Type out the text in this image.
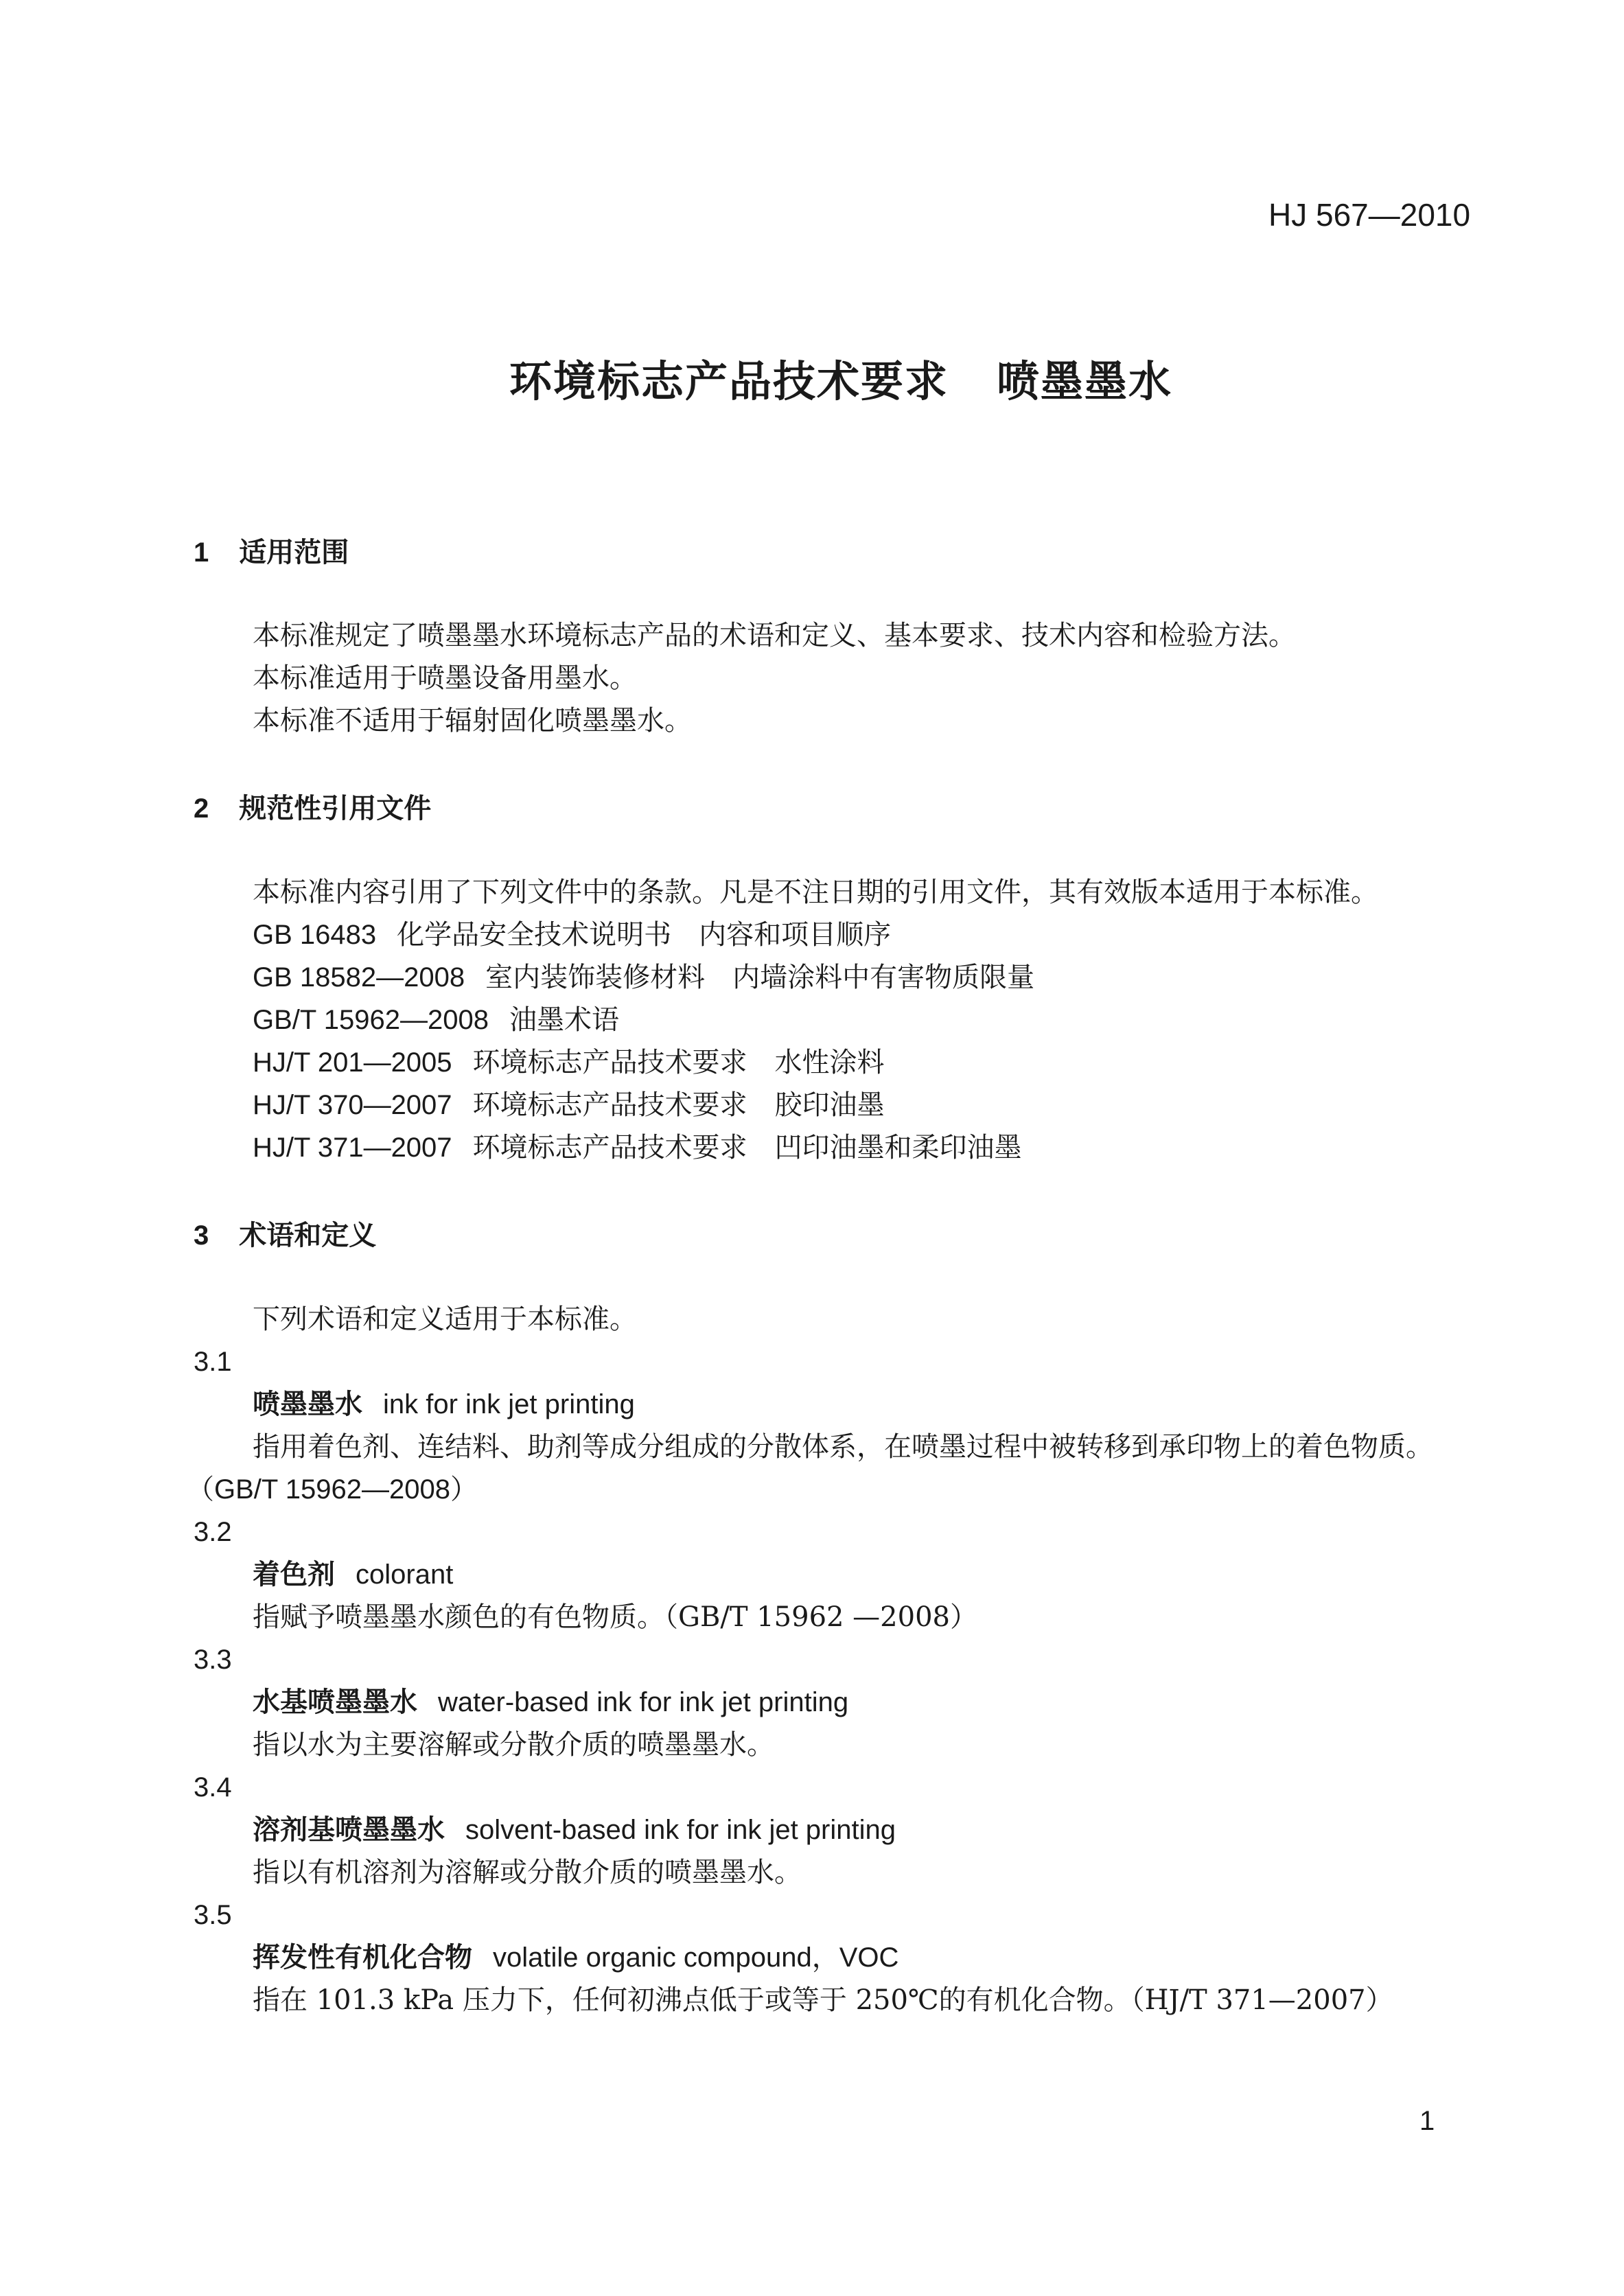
HJ 567—2010
环境标志产品技术要求 喷墨墨水
1 适用范围
本标准规定了喷墨墨水环境标志产品的术语和定义、基本要求、技术内容和检验方法。
本标准适用于喷墨设备用墨水。
本标准不适用于辐射固化喷墨墨水。
2 规范性引用文件
本标准内容引用了下列文件中的条款。凡是不注日期的引用文件，其有效版本适用于本标准。
GB 16483 化学品安全技术说明书　内容和项目顺序
GB 18582—2008 室内装饰装修材料　内墙涂料中有害物质限量
GB/T 15962—2008 油墨术语
HJ/T 201—2005 环境标志产品技术要求　水性涂料
HJ/T 370—2007 环境标志产品技术要求　胶印油墨
HJ/T 371—2007 环境标志产品技术要求　凹印油墨和柔印油墨
3 术语和定义
下列术语和定义适用于本标准。
3.1
喷墨墨水 ink for ink jet printing
指用着色剂、连结料、助剂等成分组成的分散体系，在喷墨过程中被转移到承印物上的着色物质。
（GB/T 15962—2008）
3.2
着色剂 colorant
指赋予喷墨墨水颜色的有色物质。（GB/T 15962 —2008）
3.3
水基喷墨墨水 water-based ink for ink jet printing
指以水为主要溶解或分散介质的喷墨墨水。
3.4
溶剂基喷墨墨水 solvent-based ink for ink jet printing
指以有机溶剂为溶解或分散介质的喷墨墨水。
3.5
挥发性有机化合物 volatile organic compound，VOC
指在 101.3 kPa 压力下，任何初沸点低于或等于 250℃的有机化合物。（HJ/T 371—2007）
1
